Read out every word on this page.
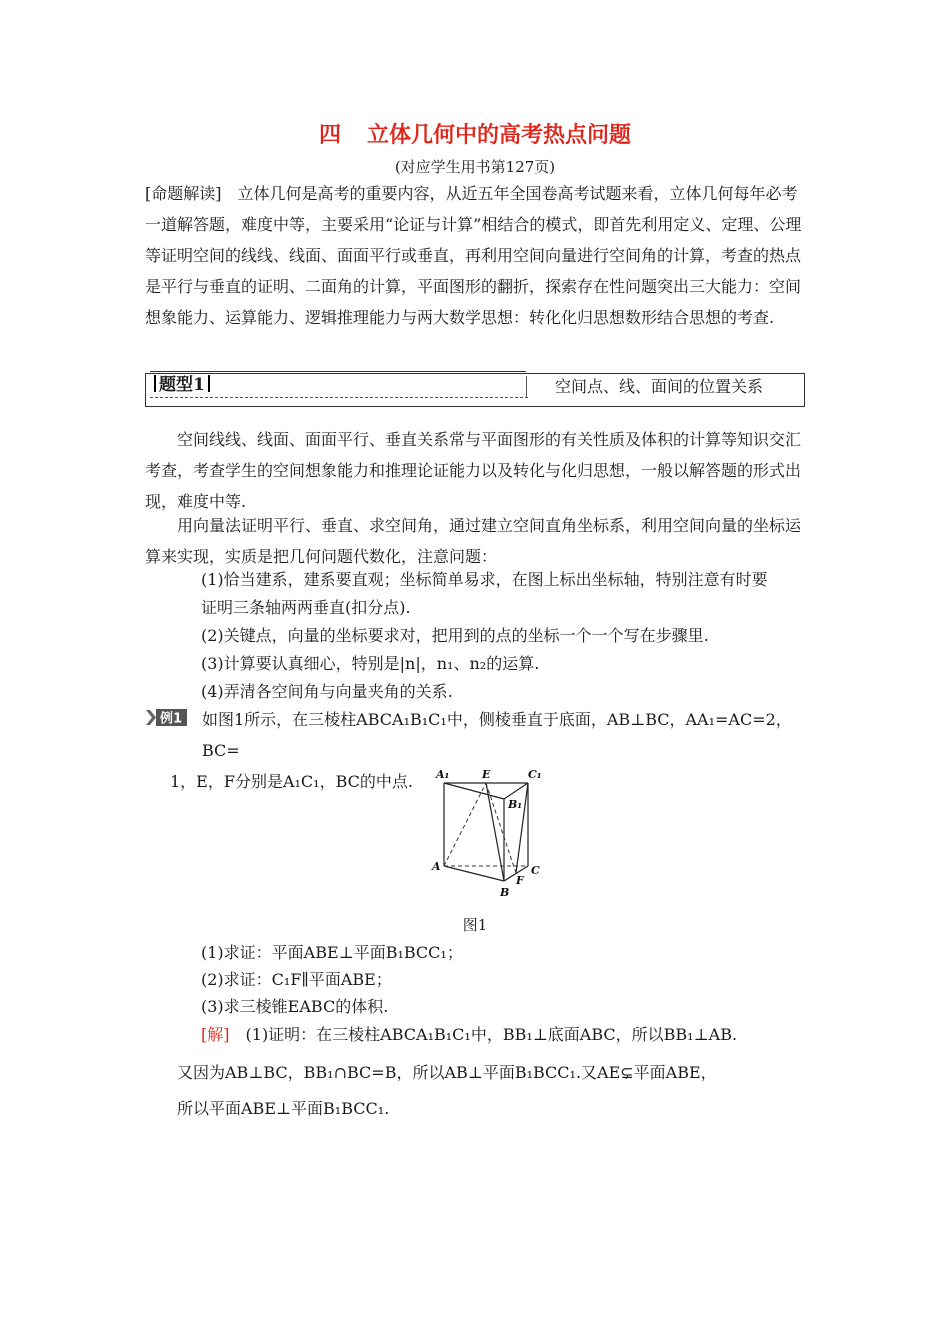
四 立体几何中的高考热点问题
(对应学生用书第127页)
[命题解读]　 立体几何是高考的重要内容，从近五年全国卷高考试题来看，立体几何每年必考一道解答题，难度中等，主要采用“论证与计算”相结合的模式，即首先利用定义、定理、公理等证明空间的线线、线面、面面平行或垂直，再利用空间向量进行空间角的计算，考查的热点是平行与垂直的证明、二面角的计算，平面图形的翻折，探索存在性问题突出三大能力：空间想象能力、运算能力、逻辑推理能力与两大数学思想：转化化归思想数形结合思想的考查.
题型1	空间点、线、面间的位置关系
空间线线、线面、面面平行、垂直关系常与平面图形的有关性质及体积的计算等知识交汇考查，考查学生的空间想象能力和推理论证能力以及转化与化归思想，一般以解答题的形式出现，难度中等.
用向量法证明平行、垂直、求空间角，通过建立空间直角坐标系，利用空间向量的坐标运算来实现，实质是把几何问题代数化，注意问题：
(1)恰当建系，建系要直观；坐标简单易求，在图上标出坐标轴，特别注意有时要
证明三条轴两两垂直(扣分点).
(2)关键点，向量的坐标要求对，把用到的点的坐标一个一个写在步骤里.
(3)计算要认真细心，特别是|n|，n₁、n₂的运算.
(4)弄清各空间角与向量夹角的关系.
例1	如图1所示，在三棱柱ABCA₁B₁C₁中，侧棱垂直于底面，AB⊥BC，AA₁=AC=2，BC=
1，E，F分别是A₁C₁，BC的中点.	A₁	E	C₁
B₁
A	C
F
B
图1
(1)求证：平面ABE⊥平面B₁BCC₁；
(2)求证：C₁F∥平面ABE；
(3)求三棱锥EABC的体积.
[解]　 (1)证明：在三棱柱ABCA₁B₁C₁中，BB₁⊥底面ABC，所以BB₁⊥AB.
又因为AB⊥BC，BB₁∩BC=B，所以AB⊥平面B₁BCC₁.又AE⊊平面ABE，
所以平面ABE⊥平面B₁BCC₁.
